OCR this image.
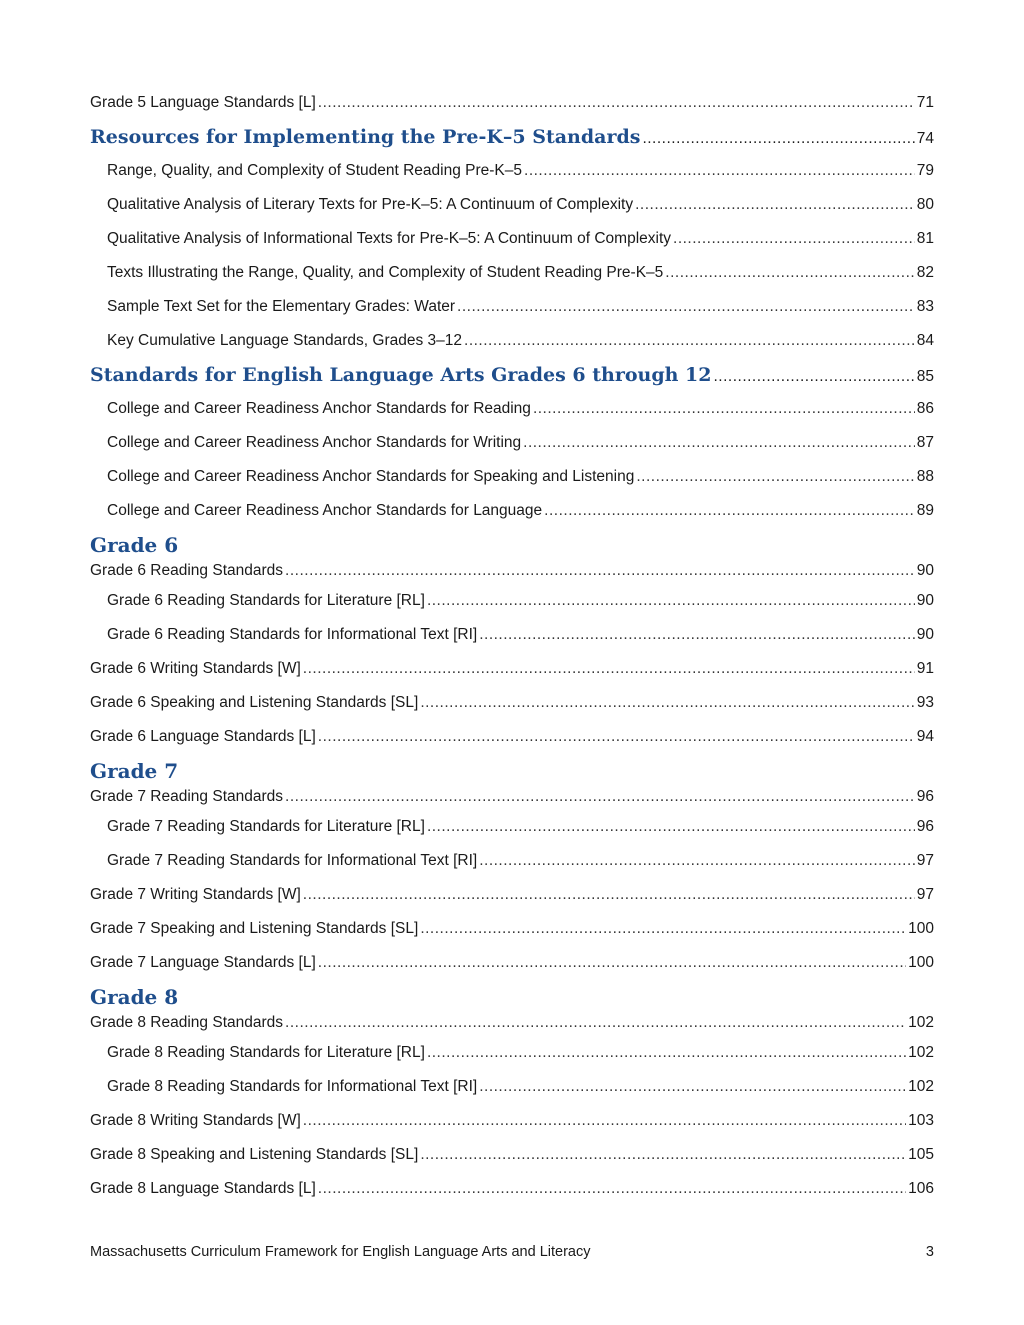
Grade 5 Language Standards [L] .....	71
Resources for Implementing the Pre-K–5 Standards .....	74
Range, Quality, and Complexity of Student Reading Pre-K–5 .....	79
Qualitative Analysis of Literary Texts for Pre-K–5: A Continuum of Complexity .....	80
Qualitative Analysis of Informational Texts for Pre-K–5: A Continuum of Complexity .....	81
Texts Illustrating the Range, Quality, and Complexity of Student Reading Pre-K–5 .....	82
Sample Text Set for the Elementary Grades: Water .....	83
Key Cumulative Language Standards, Grades 3–12 .....	84
Standards for English Language Arts Grades 6 through 12 .....	85
College and Career Readiness Anchor Standards for Reading .....	86
College and Career Readiness Anchor Standards for Writing .....	87
College and Career Readiness Anchor Standards for Speaking and Listening .....	88
College and Career Readiness Anchor Standards for Language .....	89
Grade 6
Grade 6 Reading Standards .....	90
Grade 6 Reading Standards for Literature [RL] .....	90
Grade 6 Reading Standards for Informational Text [RI] .....	90
Grade 6 Writing Standards [W] .....	91
Grade 6 Speaking and Listening Standards [SL] .....	93
Grade 6 Language Standards [L] .....	94
Grade 7
Grade 7 Reading Standards .....	96
Grade 7 Reading Standards for Literature [RL] .....	96
Grade 7 Reading Standards for Informational Text [RI] .....	97
Grade 7 Writing Standards [W] .....	97
Grade 7 Speaking and Listening Standards [SL] .....	100
Grade 7 Language Standards [L] .....	100
Grade 8
Grade 8 Reading Standards .....	102
Grade 8 Reading Standards for Literature [RL] .....	102
Grade 8 Reading Standards for Informational Text [RI] .....	102
Grade 8 Writing Standards [W] .....	103
Grade 8 Speaking and Listening Standards [SL] .....	105
Grade 8 Language Standards [L] .....	106
Massachusetts Curriculum Framework for English Language Arts and Literacy	3
